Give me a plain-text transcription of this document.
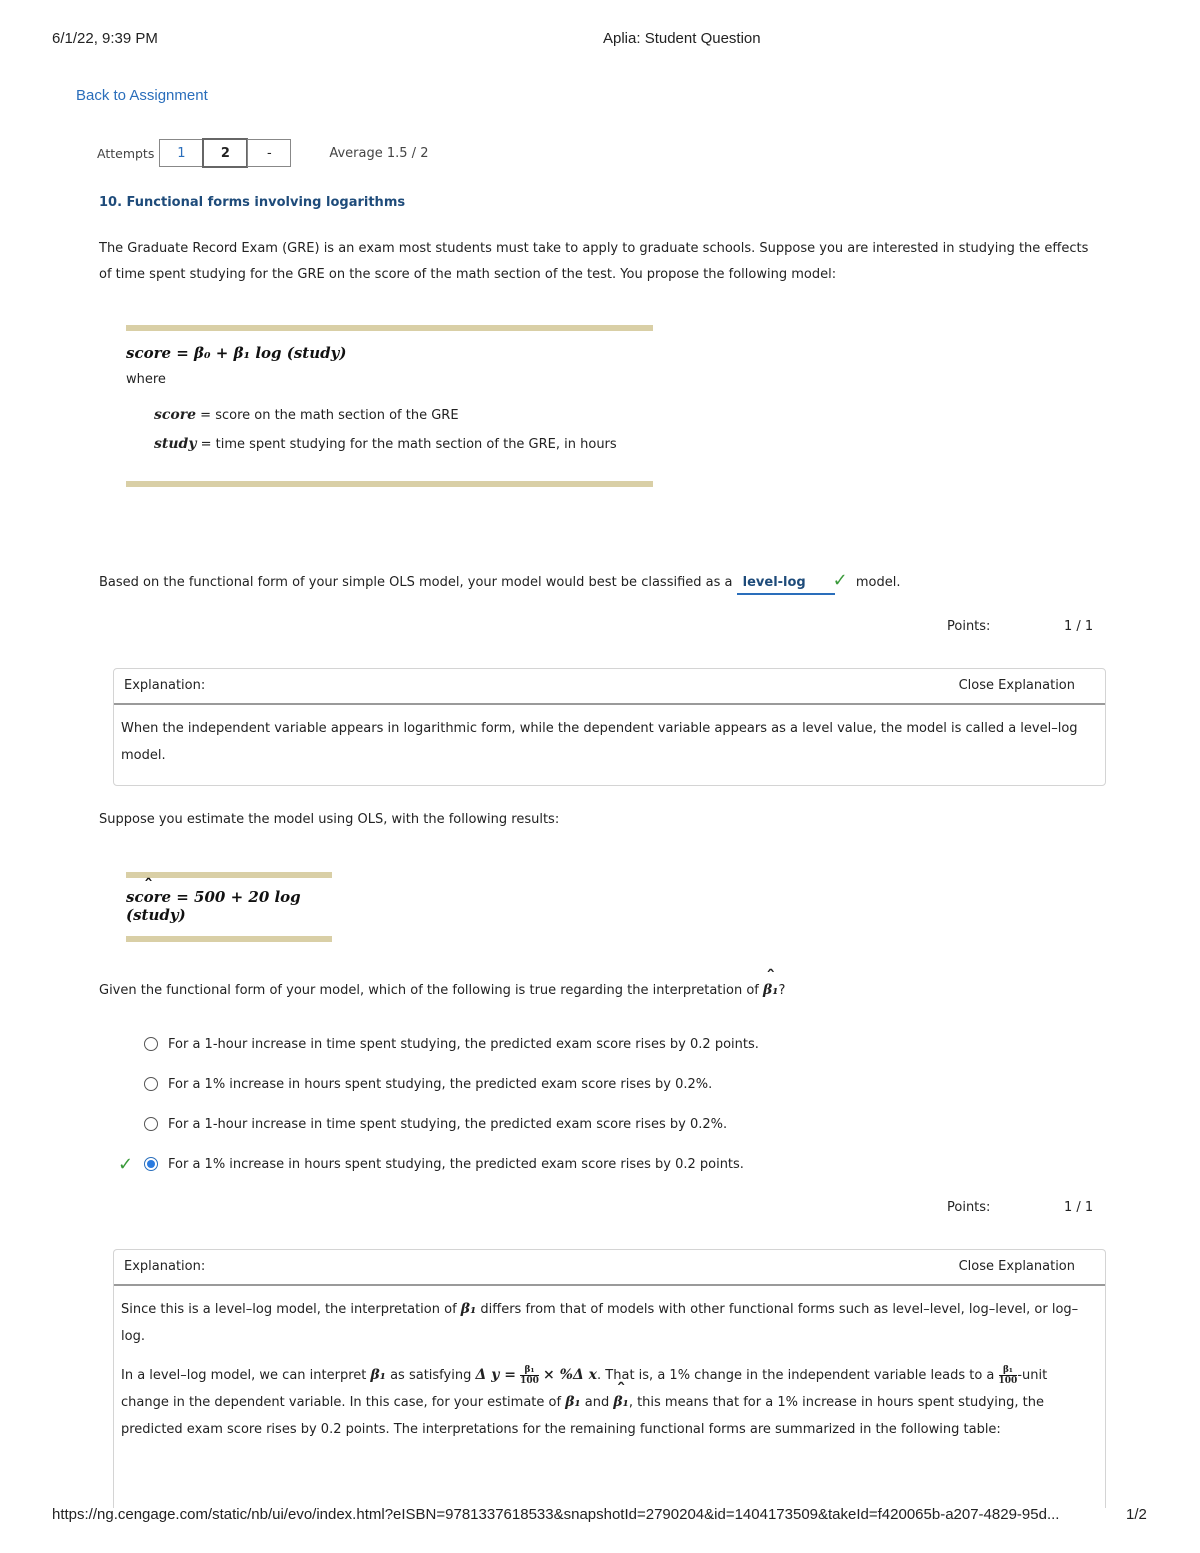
6/1/22, 9:39 PM	Aplia: Student Question
Back to Assignment
Attempts	1	2	-	Average 1.5 / 2
10. Functional forms involving logarithms
The Graduate Record Exam (GRE) is an exam most students must take to apply to graduate schools. Suppose you are interested in studying the effects of time spent studying for the GRE on the score of the math section of the test. You propose the following model:
score = β₀ + β₁ log (study)
where
score = score on the math section of the GRE
study = time spent studying for the math section of the GRE, in hours
Based on the functional form of your simple OLS model, your model would best be classified as a level-log ✓ model.
Points:	1 / 1
Explanation:	Close Explanation
When the independent variable appears in logarithmic form, while the dependent variable appears as a level value, the model is called a level–log model.
Suppose you estimate the model using OLS, with the following results:
ˆ score = 500 + 20 log (study)
Given the functional form of your model, which of the following is true regarding the interpretation of ˆ β₁?
For a 1-hour increase in time spent studying, the predicted exam score rises by 0.2 points.
For a 1% increase in hours spent studying, the predicted exam score rises by 0.2%.
For a 1-hour increase in time spent studying, the predicted exam score rises by 0.2%.
✓	For a 1% increase in hours spent studying, the predicted exam score rises by 0.2 points.
Points:	1 / 1
Explanation:	Close Explanation
Since this is a level–log model, the interpretation of β₁ differs from that of models with other functional forms such as level–level, log–level, or log–log.
In a level–log model, we can interpret β₁ as satisfying Δ $y = \frac{\text{β₁}}{100} \times \%\Delta$ x. That is, a 1% change in the independent variable leads to a $\frac{\text{β₁}}{100}$ -unit change in the dependent variable. In this case, for your estimate of β₁ and ˆ β₁, this means that for a 1% increase in hours spent studying, the predicted exam score rises by 0.2 points. The interpretations for the remaining functional forms are summarized in the following table:
https://ng.cengage.com/static/nb/ui/evo/index.html?eISBN=9781337618533&snapshotId=2790204&id=1404173509&takeId=f420065b-a207-4829-95d...	1/2
